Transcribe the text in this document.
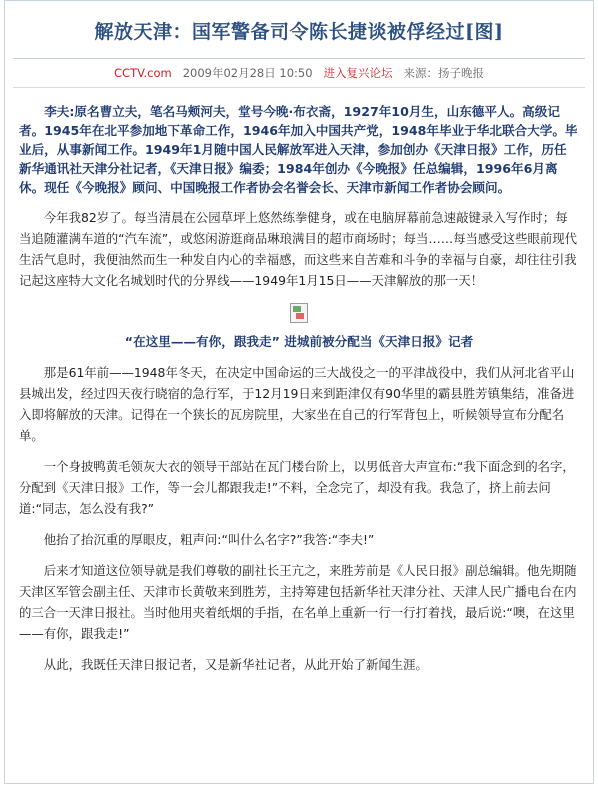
解放天津：国军警备司令陈长捷谈被俘经过[图]
CCTV.com 2009年02月28日 10:50 进入复兴论坛 来源：扬子晚报
李夫:原名曹立夫，笔名马颊河夫，堂号今晚·布衣斋，1927年10月生，山东德平人。高级记者。1945年在北平参加地下革命工作，1946年加入中国共产党，1948年毕业于华北联合大学。毕业后，从事新闻工作。1949年1月随中国人民解放军进入天津，参加创办《天津日报》工作，历任新华通讯社天津分社记者，《天津日报》编委；1984年创办《今晚报》任总编辑，1996年6月离休。现任《今晚报》顾问、中国晚报工作者协会名誉会长、天津市新闻工作者协会顾问。

今年我82岁了。每当清晨在公园草坪上悠然练拳健身，或在电脑屏幕前急速敲键录入写作时；每当追随灌满车道的“汽车流”，或悠闲游逛商品琳琅满目的超市商场时；每当……每当感受这些眼前现代生活气息时，我便油然而生一种发自内心的幸福感，而这些来自苦难和斗争的幸福与自豪，却往往引我记起这座特大文化名城划时代的分界线——1949年1月15日——天津解放的那一天！

“在这里——有你，跟我走” 进城前被分配当《天津日报》记者

那是61年前——1948年冬天，在决定中国命运的三大战役之一的平津战役中，我们从河北省平山县城出发，经过四天夜行晓宿的急行军，于12月19日来到距津仅有90华里的霸县胜芳镇集结，准备进入即将解放的天津。记得在一个狭长的瓦房院里，大家坐在自己的行军背包上，听候领导宣布分配名单。

一个身披鸭黄毛领灰大衣的领导干部站在瓦门楼台阶上，以男低音大声宣布:“我下面念到的名字，分配到《天津日报》工作，等一会儿都跟我走!”不料，全念完了，却没有我。我急了，挤上前去问道:“同志，怎么没有我?”

他抬了抬沉重的厚眼皮，粗声问:“叫什么名字?”我答:“李夫!”

后来才知道这位领导就是我们尊敬的副社长王亢之，来胜芳前是《人民日报》副总编辑。他先期随天津区军管会副主任、天津市长黄敬来到胜芳，主持筹建包括新华社天津分社、天津人民广播电台在内的三合一天津日报社。当时他用夹着纸烟的手指，在名单上重新一行一行打着找，最后说:“噢，在这里——有你，跟我走!”

从此，我既任天津日报记者，又是新华社记者，从此开始了新闻生涯。
